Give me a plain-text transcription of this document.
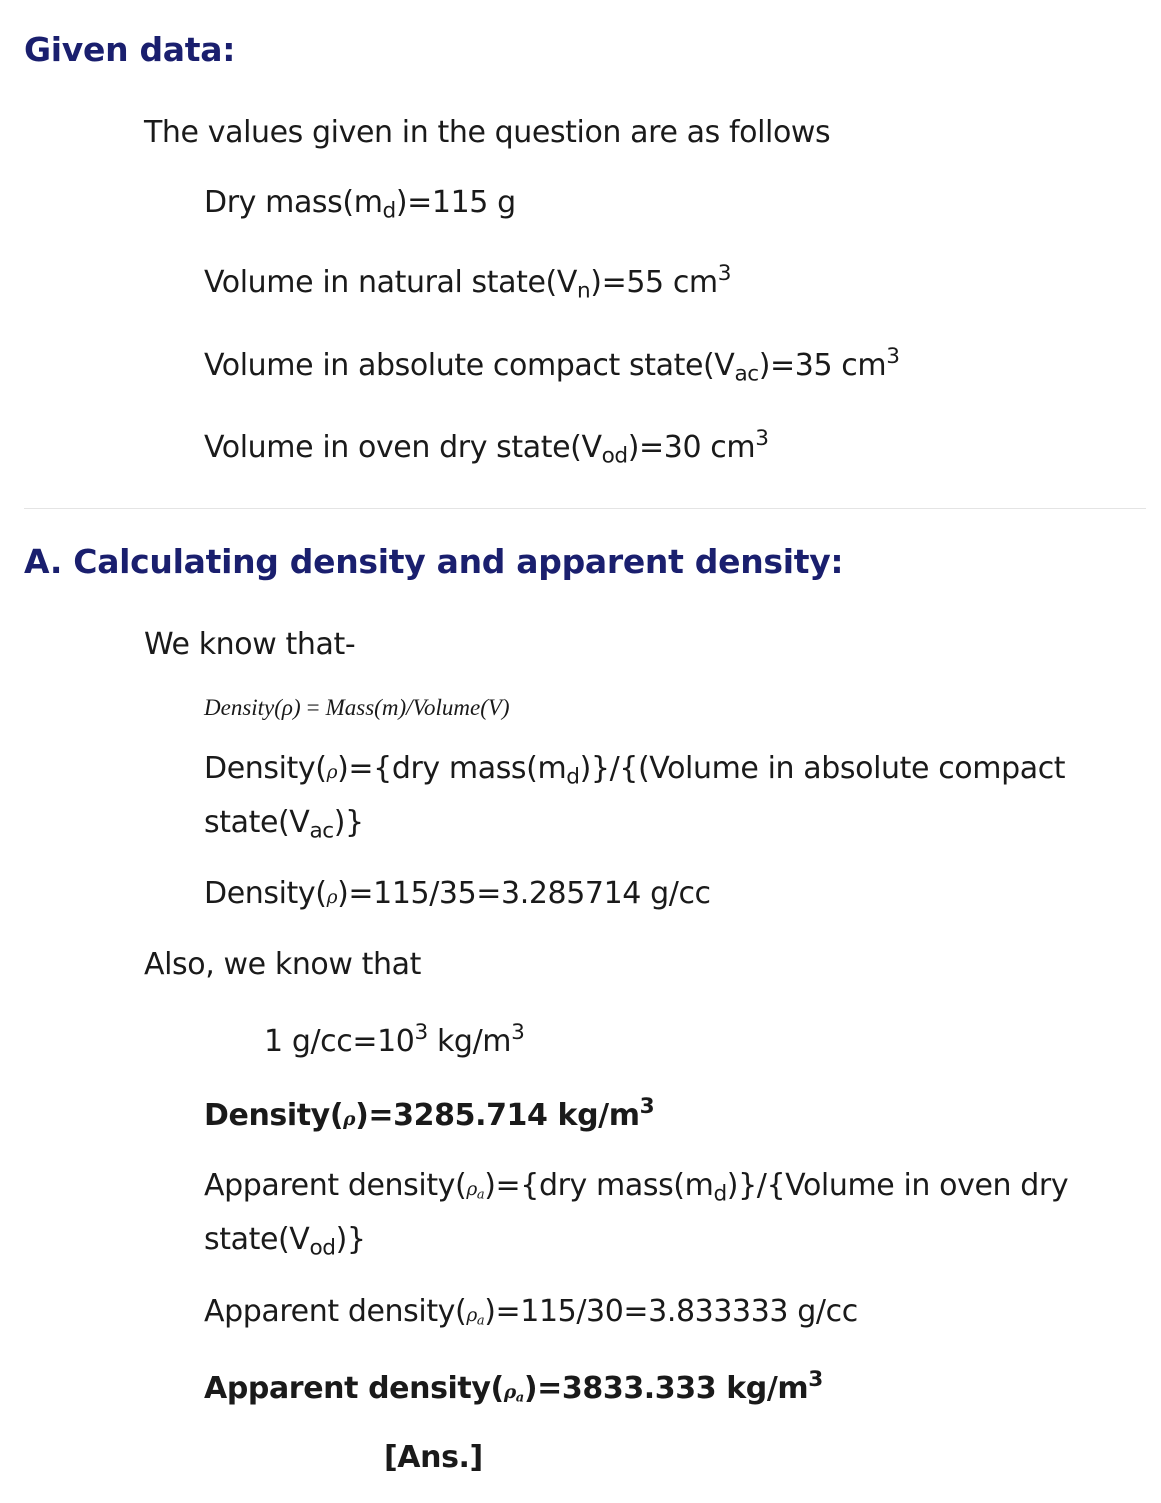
Given data:
The values given in the question are as follows
Dry $mass(m_d)=115$ g
Volume in natural $state(V_n)=55$ $cm^3$
Volume in absolute compact $state(V_{ac})=35$ $cm^3$
Volume in oven dry $state(V_{od})=30$ $cm^3$
A. Calculating density and apparent density:
We know that-
Density(ρ) = Mass(m)/Volume(V)
Density(ρ)={dry $mass(m_d)\}/\{(Volume$ in absolute compact $state(V_{ac})$}
Density(ρ)=115/35=3.285714 g/cc
Also, we know that
1 $g/cc=10^3$ $kg/m^3$
Density(ρ)=3285.714 $kg/m^3$
Apparent $density(\rho_a)=\{dry$ $mass(m_d)\}/\{Volume$ in oven dry $state(V_{od})$}
Apparent $density(\rho_a)=115/30=3.833333$ g/cc
Apparent $density(\rho_a)=3833.333$ $kg/m^3$
[Ans.]
